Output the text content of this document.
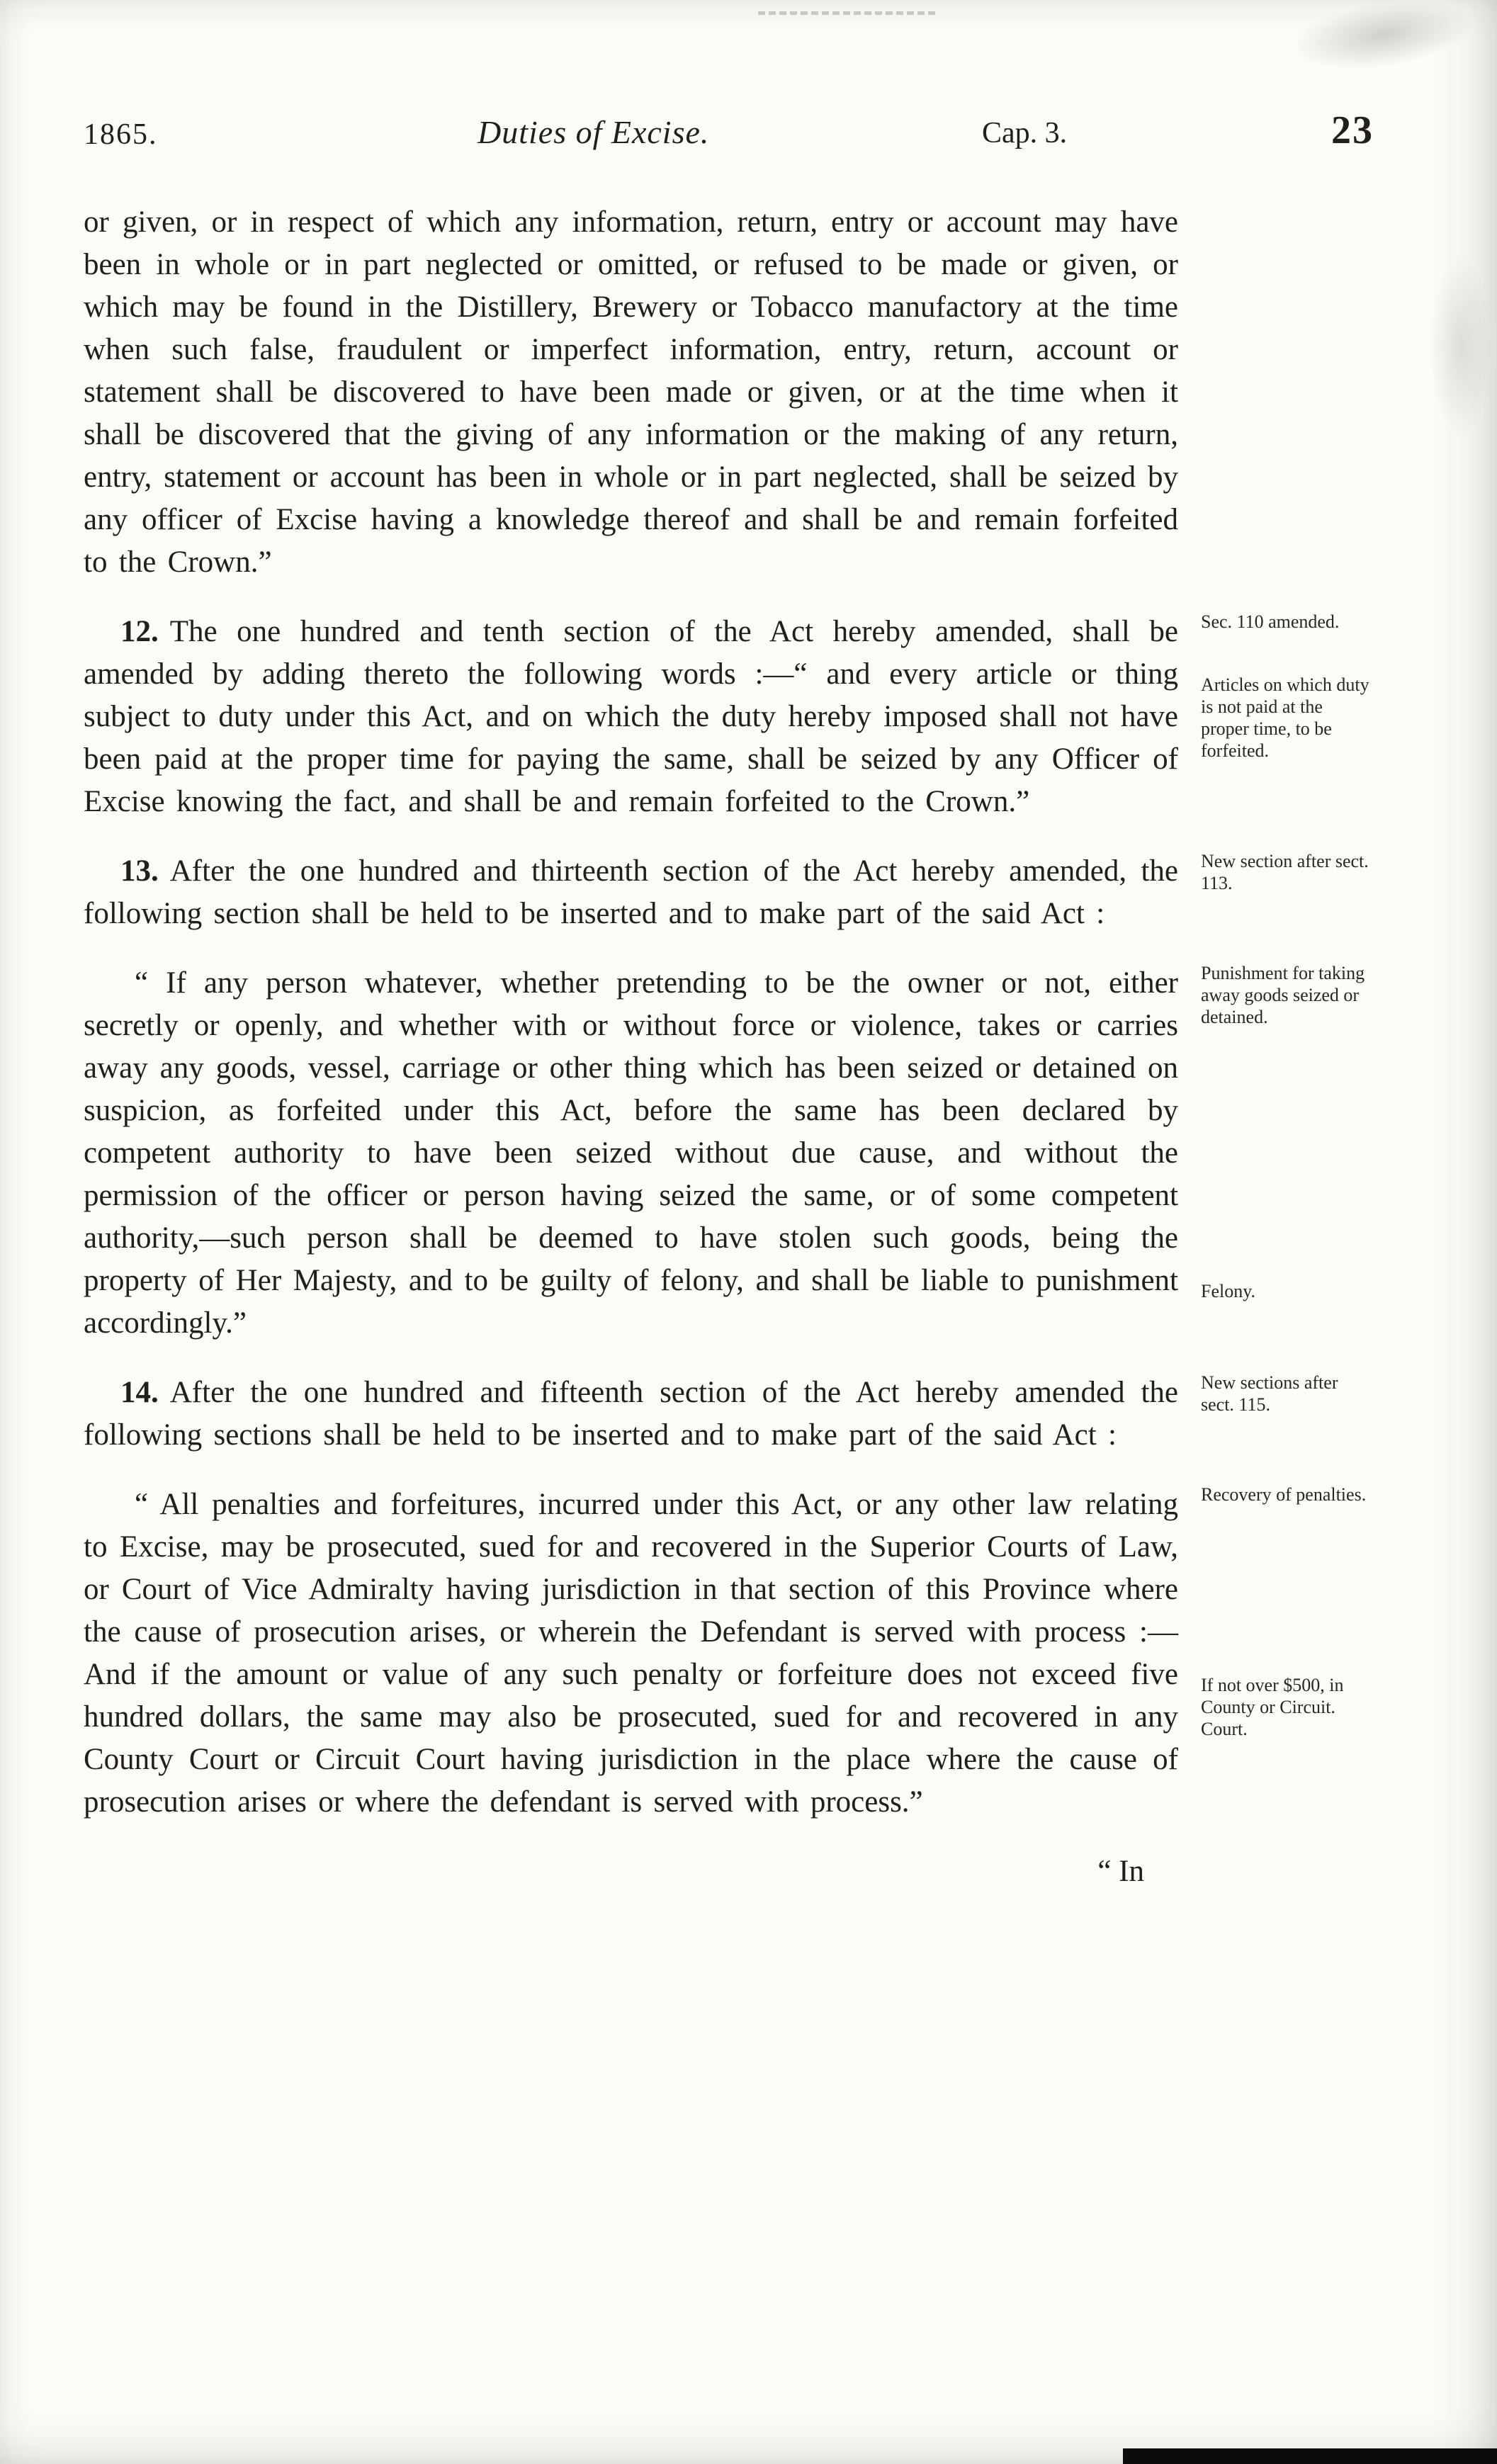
1865.	Duties of Excise.	Cap. 3.	23

or given, or in respect of which any information, return, entry or account may have been in whole or in part neglected or omitted, or refused to be made or given, or which may be found in the Distillery, Brewery or Tobacco manufactory at the time when such false, fraudulent or imperfect information, entry, return, account or statement shall be discovered to have been made or given, or at the time when it shall be discovered that the giving of any information or the making of any return, entry, statement or account has been in whole or in part neglected, shall be seized by any officer of Excise having a knowledge thereof and shall be and remain forfeited to the Crown.”

12. The one hundred and tenth section of the Act hereby amended, shall be amended by adding thereto the following words :—“ and every article or thing subject to duty under this Act, and on which the duty hereby imposed shall not have been paid at the proper time for paying the same, shall be seized by any Officer of Excise knowing the fact, and shall be and remain forfeited to the Crown.”

Sec. 110 amended.

Articles on which duty is not paid at the proper time, to be forfeited.

13. After the one hundred and thirteenth section of the Act hereby amended, the following section shall be held to be inserted and to make part of the said Act :

New section after sect. 113.

“ If any person whatever, whether pretending to be the owner or not, either secretly or openly, and whether with or without force or violence, takes or carries away any goods, vessel, carriage or other thing which has been seized or detained on suspicion, as forfeited under this Act, before the same has been declared by competent authority to have been seized without due cause, and without the permission of the officer or person having seized the same, or of some competent authority,—such person shall be deemed to have stolen such goods, being the property of Her Majesty, and to be guilty of felony, and shall be liable to punishment accordingly.”

Punishment for taking away goods seized or detained.

Felony.

14. After the one hundred and fifteenth section of the Act hereby amended the following sections shall be held to be inserted and to make part of the said Act :

New sections after sect. 115.

“ All penalties and forfeitures, incurred under this Act, or any other law relating to Excise, may be prosecuted, sued for and recovered in the Superior Courts of Law, or Court of Vice Admiralty having jurisdiction in that section of this Province where the cause of prosecution arises, or wherein the Defendant is served with process :—And if the amount or value of any such penalty or forfeiture does not exceed five hundred dollars, the same may also be prosecuted, sued for and recovered in any County Court or Circuit Court having jurisdiction in the place where the cause of prosecution arises or where the defendant is served with process.”

Recovery of penalties.

If not over $500, in County or Circuit. Court.

“ In
